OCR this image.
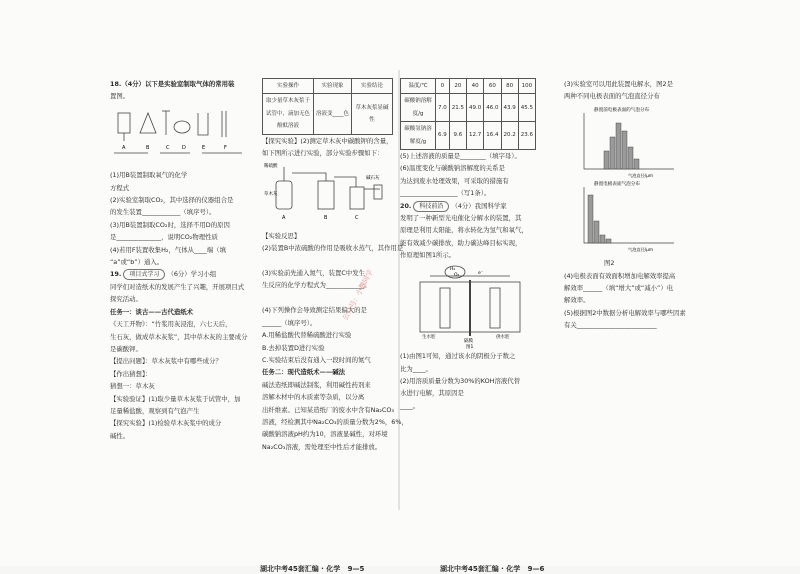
18.（4分）以下是实验室制取气体的常用装

置图。

A	B	C	D	E	F

(1)用B装置制取氧气的化学

方程式

(2)实验室制取CO₂，其中选择的仪器组合是

的发生装置____________（填序号）。

(3)用B装置制取CO₂时，选择不用D的原因

是______________，说明CO₂物理性质

(4)若用F装置收集H₂，气体从____端（填

“a”或“b”）通入。

19. 项目式学习 （6分）学习小组

同学们对造纸术的发展产生了兴趣，开展项目式

探究活动。

任务一：谈古——古代造纸术

《天工开物》：“竹浆用灰浸泡，六七天后，

生石灰，做成草木灰浆”，其中草木灰的主要成分

是碳酸钾。

【提出问题】：草木灰浆中有哪些成分？

【作出猜想】：

猜想一：草木灰

【实验验证】(1)取少量草木灰浆于试管中，加

足量稀盐酸，观察到有气泡产生

【探究实验】(1)检验草木灰浆中的成分

碱性。

实验操作	实验现象	实验结论
取少量草木灰浆于试管中，滴加无色酚酞溶液	溶液变____色	草木灰浆显碱性

【探究实验】(2)测定草木灰中碳酸钾的含量，

如下图所示进行实验，部分实验步骤如下：

稀硫酸
草木灰
碱石灰
A	B	C

【实验反思】

(2)装置B中浓硫酸的作用是吸收水蒸气，其作用是

(3)实验前先通入氮气，装置C中发生

生反应的化学方程式为____________。

(4)下列操作会导致测定结果偏大的是

______（填序号）。

A.用稀盐酸代替稀硫酸进行实验

B.去掉装置D进行实验

C.实验结束后没有通入一段时间的氮气

任务二：现代造纸术——碱法

碱法造纸即碱法制浆，利用碱性药剂来

溶解木材中的木质素等杂质，以分离

出纤维素。已知某造纸厂的废水中含有Na₂CO₃

溶液，经检测其中Na₂CO₃的质量分数为2%，6%，

碳酸钠溶液pH约为10，溶液显碱性，对环境

Na₂CO₃溶液，需处理至中性后才能排放。

湖北中考45套汇编 · 化学 9—5
公众号：小魏同学
温度/℃	0	20	40	60	80	100
碳酸钠溶解度/g	7.0	21.5	49.0	46.0	43.9	45.5
碳酸氢钠溶解度/g	6.9	9.6	12.7	16.4	20.2	23.6

(5)上述溶液的质量是________（填字母）。

(6)温度变化与碳酸钠溶解度的关系是

为达到废水处理效果，可采取的措施有

__________________（写1条）。

20. 科技前沿 （4分）我国科学家

发明了一种新型光电催化分解水的装置，其

原理是利用太阳能，将水转化为氢气和氧气，

能有效减少碳排放，助力碳达峰目标实现，

作原理如图1所示。

H₂
O₂	e⁻
生水腔
隔膜
供水腔
图1

(1)由图1可知，通过该水的阴极分子数之

比为____。

(2)用溶质质量分数为30%的KOH溶液代替

水进行电解，其原因是

____。

(3)实验室可以用此装置电解水，图2是

两种不同电极表面的气泡直径分布

静置前电极表面的气泡分布
气泡直径/μm
静置电极表面气泡分布
气泡直径/μm

图2

(4)电极表面有效面积增加电解效率提高

解效率______（填“增大”或“减小”）电

解效率。

(5)根据图2中数据分析电解效率与哪些因素

有关_________________________

湖北中考45套汇编 · 化学 9—6
